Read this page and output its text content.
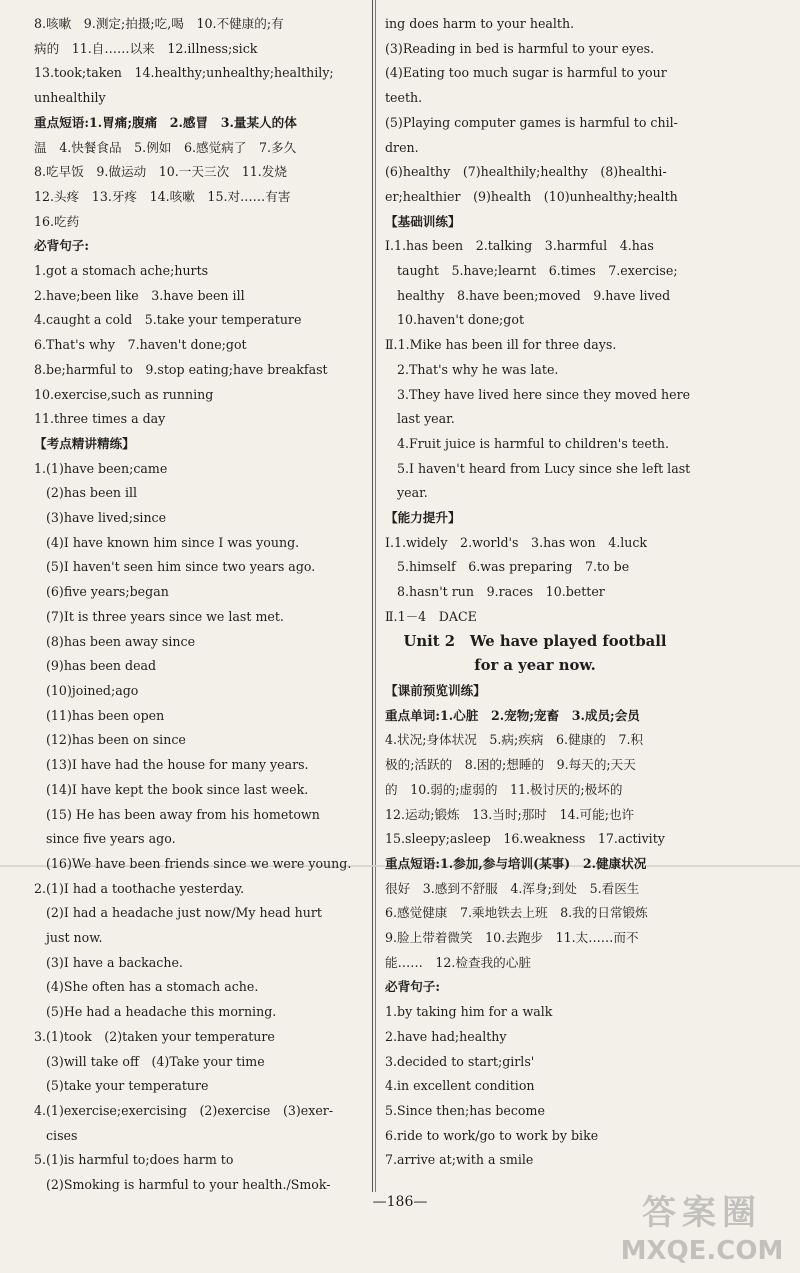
8.咳嗽　9.测定;拍摄;吃,喝　10.不健康的;有
病的　11.自……以来　12.illness;sick
13.took;taken　14.healthy;unhealthy;healthily;
unhealthily
重点短语:1.胃痛;腹痛　2.感冒　3.量某人的体
温　4.快餐食品　5.例如　6.感觉病了　7.多久
8.吃早饭　9.做运动　10.一天三次　11.发烧
12.头疼　13.牙疼　14.咳嗽　15.对……有害
16.吃药
必背句子:
1.got a stomach ache;hurts
2.have;been like　3.have been ill
4.caught a cold　5.take your temperature
6.That's why　7.haven't done;got
8.be;harmful to　9.stop eating;have breakfast
10.exercise,such as running
11.three times a day
【考点精讲精练】
1.(1)have been;came
(2)has been ill
(3)have lived;since
(4)I have known him since I was young.
(5)I haven't seen him since two years ago.
(6)five years;began
(7)It is three years since we last met.
(8)has been away since
(9)has been dead
(10)joined;ago
(11)has been open
(12)has been on since
(13)I have had the house for many years.
(14)I have kept the book since last week.
(15) He has been away from his hometown
since five years ago.
(16)We have been friends since we were young.
2.(1)I had a toothache yesterday.
(2)I had a headache just now/My head hurt
just now.
(3)I have a backache.
(4)She often has a stomach ache.
(5)He had a headache this morning.
3.(1)took　(2)taken your temperature
(3)will take off　(4)Take your time
(5)take your temperature
4.(1)exercise;exercising　(2)exercise　(3)exer-
cises
5.(1)is harmful to;does harm to
(2)Smoking is harmful to your health./Smok-
ing does harm to your health.
(3)Reading in bed is harmful to your eyes.
(4)Eating too much sugar is harmful to your
teeth.
(5)Playing computer games is harmful to chil-
dren.
(6)healthy　(7)healthily;healthy　(8)healthi-
er;healthier　(9)health　(10)unhealthy;health
【基础训练】
Ⅰ.1.has been　2.talking　3.harmful　4.has
taught　5.have;learnt　6.times　7.exercise;
healthy　8.have been;moved　9.have lived
10.haven't done;got
Ⅱ.1.Mike has been ill for three days.
2.That's why he was late.
3.They have lived here since they moved here
last year.
4.Fruit juice is harmful to children's teeth.
5.I haven't heard from Lucy since she left last
year.
【能力提升】
Ⅰ.1.widely　2.world's　3.has won　4.luck
5.himself　6.was preparing　7.to be
8.hasn't run　9.races　10.better
Ⅱ.1－4　DACE
Unit 2　We have played football
for a year now.
【课前预览训练】
重点单词:1.心脏　2.宠物;宠畜　3.成员;会员
4.状况;身体状况　5.病;疾病　6.健康的　7.积
极的;活跃的　8.困的;想睡的　9.每天的;天天
的　10.弱的;虚弱的　11.极讨厌的;极坏的
12.运动;锻炼　13.当时;那时　14.可能;也许
15.sleepy;asleep　16.weakness　17.activity
重点短语:1.参加,参与培训(某事)　2.健康状况
很好　3.感到不舒服　4.浑身;到处　5.看医生
6.感觉健康　7.乘地铁去上班　8.我的日常锻炼
9.脸上带着微笑　10.去跑步　11.太……而不
能……　12.检查我的心脏
必背句子:
1.by taking him for a walk
2.have had;healthy
3.decided to start;girls'
4.in excellent condition
5.Since then;has become
6.ride to work/go to work by bike
7.arrive at;with a smile
—186—	答案圈
MXQE.COM
